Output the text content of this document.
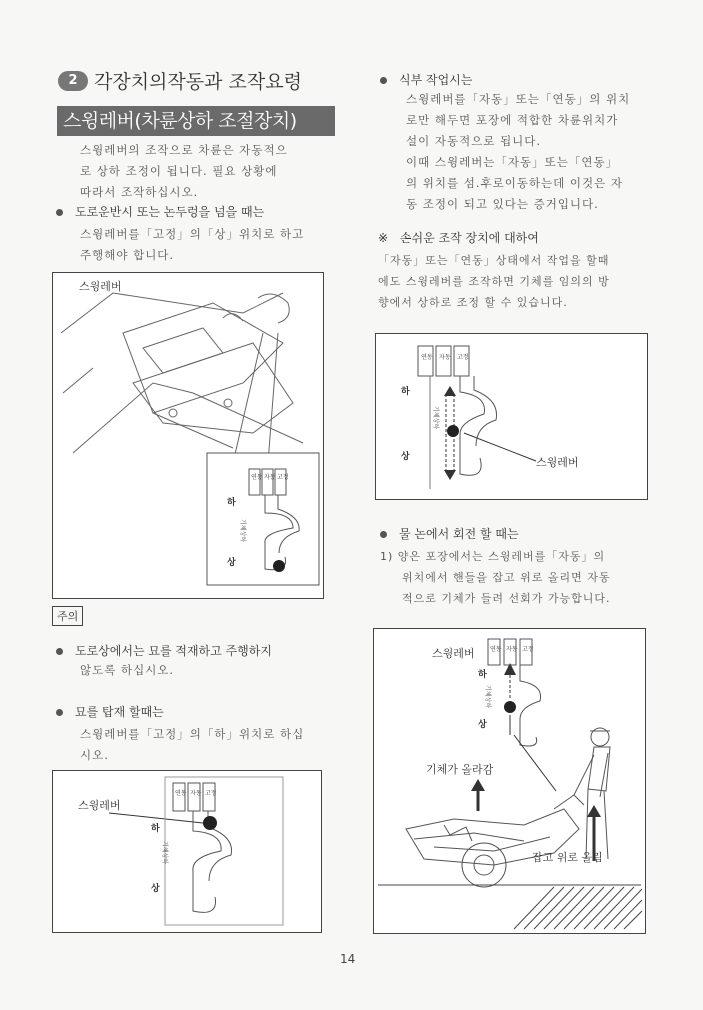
2 각장치의작동과 조작요령
스윙레버(차륜상하 조절장치)
스윙레버의 조작으로 차륜은 자동적으
로 상하 조정이 됩니다. 필요 상황에
따라서 조작하십시오.
도로운반시 또는 논두렁을 넘을 때는
스윙레버를「고정」의「상」위치로 하고
주행해야 합니다.
스윙레버
연동 자동 고정
하
상
기체상하
주의
도로상에서는 묘를 적재하고 주행하지
않도록 하십시오.
묘를 탑재 할때는
스윙레버를「고정」의「하」위치로 하십
시오.
스윙레버
연동 자동 고정
하
상
기체상하
식부 작업시는
스윙레버를「자동」또는「연동」의 위치
로만 해두면 포장에 적합한 차륜위치가
설이 자동적으로 됩니다.
이때 스윙레버는「자동」또는「연동」
의 위치를 섬.후로이동하는데 이것은 자
동 조정이 되고 있다는 증거입니다.
※ 손쉬운 조작 장치에 대하여
「자동」또는「연동」상태에서 작업을 할때
에도 스윙레버를 조작하면 기체를 임의의 방
향에서 상하로 조정 할 수 있습니다.
연동 자동 고정
하
상
기체상하
스윙레버
물 논에서 회전 할 때는
1) 양은 포장에서는 스윙레버를「자동」의
위치에서 핸들을 잡고 위로 올리면 자동
적으로 기체가 들려 선회가 가능합니다.
스윙레버	연동 자동 고정
하
상
기체상하
기체가 올라감
잡고 위로 올림
14
